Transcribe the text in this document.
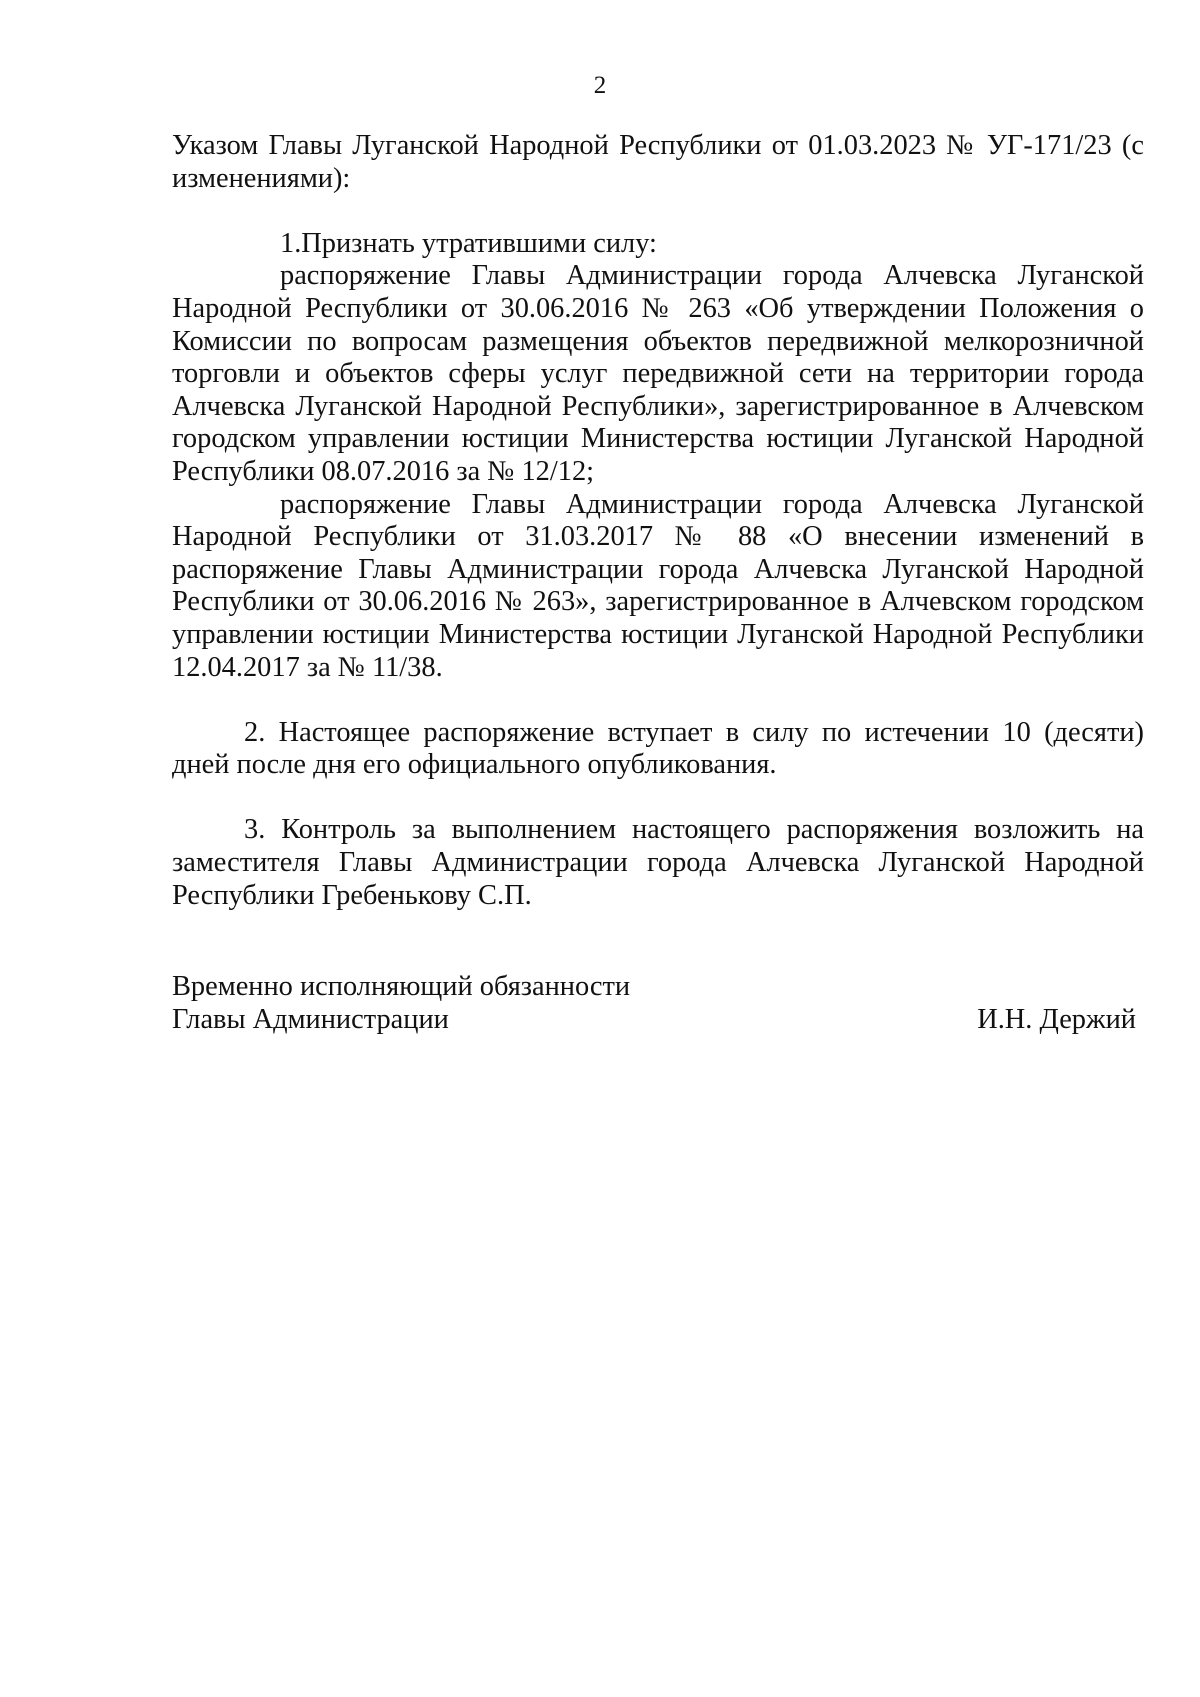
2

Указом Главы Луганской Народной Республики от 01.03.2023 № УГ-171/23 (с изменениями):

1.Признать утратившими силу:

распоряжение Главы Администрации города Алчевска Луганской Народной Республики от 30.06.2016 № 263 «Об утверждении Положения о Комиссии по вопросам размещения объектов передвижной мелкорозничной торговли и объектов сферы услуг передвижной сети на территории города Алчевска Луганской Народной Республики», зарегистрированное в Алчевском городском управлении юстиции Министерства юстиции Луганской Народной Республики 08.07.2016 за № 12/12;

распоряжение Главы Администрации города Алчевска Луганской Народной Республики от 31.03.2017 № 88 «О внесении изменений в распоряжение Главы Администрации города Алчевска Луганской Народной Республики от 30.06.2016 № 263», зарегистрированное в Алчевском городском управлении юстиции Министерства юстиции Луганской Народной Республики 12.04.2017 за № 11/38.

2. Настоящее распоряжение вступает в силу по истечении 10 (десяти) дней после дня его официального опубликования.

3. Контроль за выполнением настоящего распоряжения возложить на заместителя Главы Администрации города Алчевска Луганской Народной Республики Гребенькову С.П.

Временно исполняющий обязанности
Главы Администрации	И.Н. Держий
